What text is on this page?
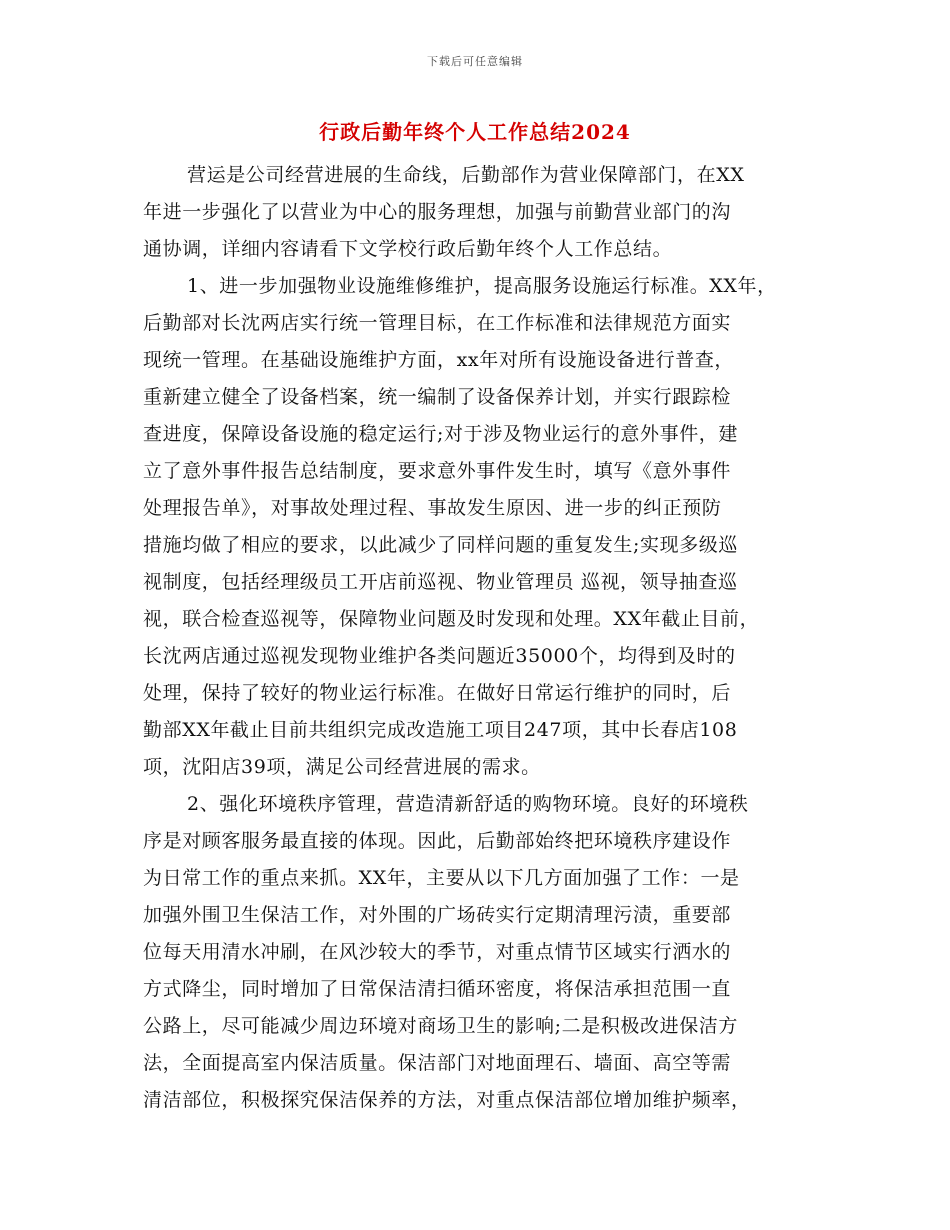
下载后可任意编辑
行政后勤年终个人工作总结2024
营运是公司经营进展的生命线，后勤部作为营业保障部门，在XX
年进一步强化了以营业为中心的服务理想，加强与前勤营业部门的沟
通协调，详细内容请看下文学校行政后勤年终个人工作总结。
1、进一步加强物业设施维修维护，提高服务设施运行标准。XX年，
后勤部对长沈两店实行统一管理目标，在工作标准和法律规范方面实
现统一管理。在基础设施维护方面，xx年对所有设施设备进行普查，
重新建立健全了设备档案，统一编制了设备保养计划，并实行跟踪检
查进度，保障设备设施的稳定运行;对于涉及物业运行的意外事件，建
立了意外事件报告总结制度，要求意外事件发生时，填写《意外事件
处理报告单》，对事故处理过程、事故发生原因、进一步的纠正预防
措施均做了相应的要求，以此减少了同样问题的重复发生;实现多级巡
视制度，包括经理级员工开店前巡视、物业管理员 巡视，领导抽查巡
视，联合检查巡视等，保障物业问题及时发现和处理。XX年截止目前，
长沈两店通过巡视发现物业维护各类问题近35000个，均得到及时的
处理，保持了较好的物业运行标准。在做好日常运行维护的同时，后
勤部XX年截止目前共组织完成改造施工项目247项，其中长春店108
项，沈阳店39项，满足公司经营进展的需求。
2、强化环境秩序管理，营造清新舒适的购物环境。良好的环境秩
序是对顾客服务最直接的体现。因此，后勤部始终把环境秩序建设作
为日常工作的重点来抓。XX年，主要从以下几方面加强了工作：一是
加强外围卫生保洁工作，对外围的广场砖实行定期清理污渍，重要部
位每天用清水冲刷，在风沙较大的季节，对重点情节区域实行洒水的
方式降尘，同时增加了日常保洁清扫循环密度，将保洁承担范围一直
公路上，尽可能减少周边环境对商场卫生的影响;二是积极改进保洁方
法，全面提高室内保洁质量。保洁部门对地面理石、墙面、高空等需
清洁部位，积极探究保洁保养的方法，对重点保洁部位增加维护频率，
